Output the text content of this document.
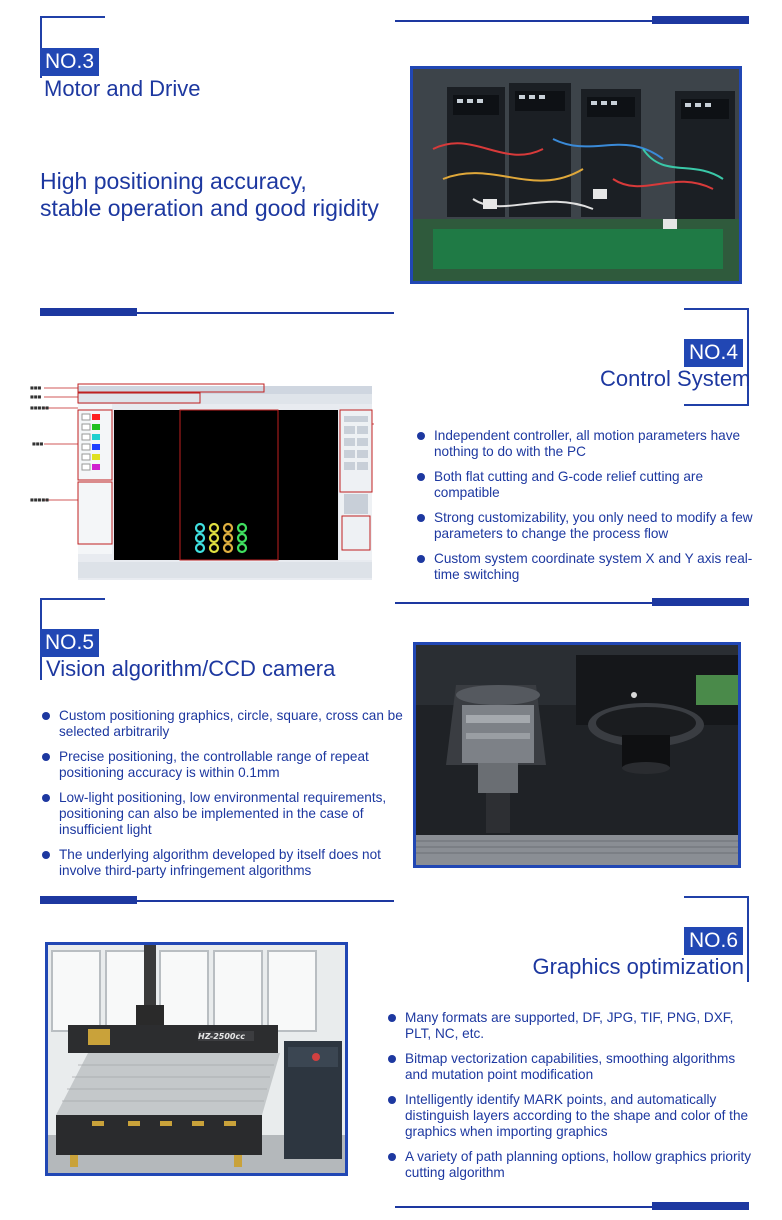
NO.3
Motor and Drive
High positioning accuracy,
stable operation and good rigidity
NO.4
Control System
■■■
■■■
■■■■■
■■■
■■■■■
Independent controller, all motion parameters have nothing to do with the PC
Both flat cutting and G-code relief cutting are compatible
Strong customizability, you only need to modify a few parameters to change the process flow
Custom system coordinate system X and Y axis real-time switching
NO.5
Vision algorithm/CCD camera
Custom positioning graphics, circle, square, cross can be selected arbitrarily
Precise positioning, the controllable range of repeat positioning accuracy is within 0.1mm
Low-light positioning, low environmental requirements, positioning can also be implemented in the case of insufficient light
The underlying algorithm developed by itself does not involve third-party infringement algorithms
NO.6
Graphics optimization
HZ-2500cc
Many formats are supported, DF, JPG, TIF, PNG, DXF, PLT, NC, etc.
Bitmap vectorization capabilities, smoothing algorithms and mutation point modification
Intelligently identify MARK points, and automatically distinguish layers according to the shape and color of the graphics when importing graphics
A variety of path planning options, hollow graphics priority cutting algorithm
